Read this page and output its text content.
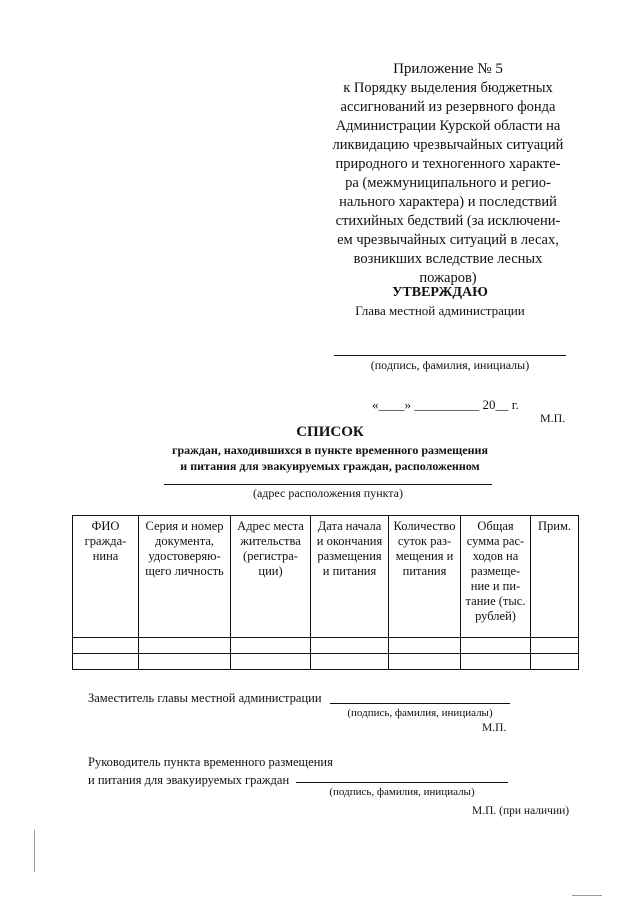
Приложение № 5
к Порядку выделения бюджетных
ассигнований из резервного фонда
Администрации Курской области на
ликвидацию чрезвычайных ситуаций
природного и техногенного характе-
ра (межмуниципального и регио-
нального характера) и последствий
стихийных бедствий (за исключени-
ем чрезвычайных ситуаций в лесах,
возникших вследствие лесных
пожаров)
УТВЕРЖДАЮ
Глава местной администрации
(подпись, фамилия, инициалы)
«____» __________ 20__ г.
М.П.
СПИСОК
граждан, находившихся в пункте временного размещения
и питания для эвакуируемых граждан, расположенном
(адрес расположения пункта)
ФИО граждa- нина	Серия и номер документа, удостоверяю- щего личность	Адрес места жительства (регистра- ции)	Дата начала и окончания размещения и питания	Количество суток раз- мещения и питания	Общая сумма рас- ходов на размеще- ние и пи- тание (тыс. рублей)	Прим.

Заместитель главы местной администрации
(подпись, фамилия, инициалы)
М.П.
Руководитель пункта временного размещения
и питания для эвакуируемых граждан
(подпись, фамилия, инициалы)
М.П. (при наличии)
